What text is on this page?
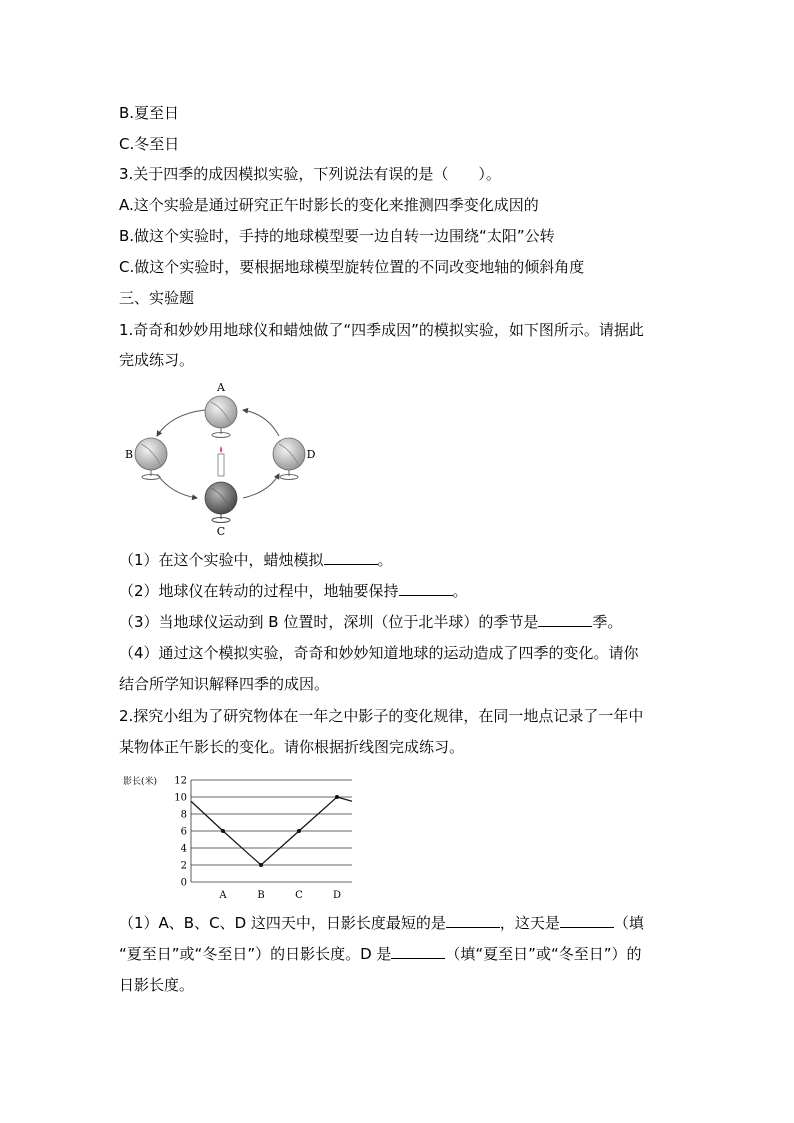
B.夏至日
C.冬至日
3.关于四季的成因模拟实验，下列说法有误的是（　　）。
A.这个实验是通过研究正午时影长的变化来推测四季变化成因的
B.做这个实验时，手持的地球模型要一边自转一边围绕“太阳”公转
C.做这个实验时，要根据地球模型旋转位置的不同改变地轴的倾斜角度
三、实验题
1.奇奇和妙妙用地球仪和蜡烛做了“四季成因”的模拟实验，如下图所示。请据此
完成练习。
A
B
C
D
（1）在这个实验中，蜡烛模拟	。
（2）地球仪在转动的过程中，地轴要保持	。
（3）当地球仪运动到 B 位置时，深圳（位于北半球）的季节是	季。
（4）通过这个模拟实验，奇奇和妙妙知道地球的运动造成了四季的变化。请你
结合所学知识解释四季的成因。
2.探究小组为了研究物体在一年之中影子的变化规律，在同一地点记录了一年中
某物体正午影长的变化。请你根据折线图完成练习。
影长(米)
0
2
4
6
8
10
12
A	B	C	D
（1）A、B、C、D 这四天中，日影长度最短的是	，这天是	（填
“夏至日”或“冬至日”）的日影长度。D 是	（填“夏至日”或“冬至日”）的
日影长度。
